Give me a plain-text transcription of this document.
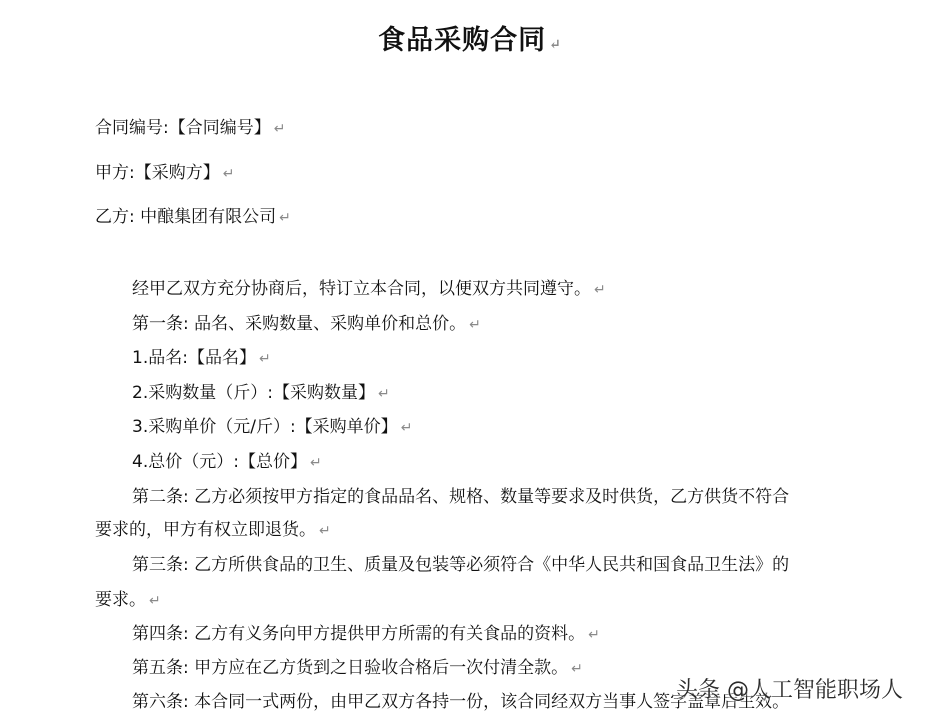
食品采购合同 ↵
合同编号:【合同编号】 ↵
甲方:【采购方】 ↵
乙方: 中酿集团有限公司 ↵
经甲乙双方充分协商后，特订立本合同，以便双方共同遵守。 ↵
第一条: 品名、采购数量、采购单价和总价。 ↵
1.品名:【品名】 ↵
2.采购数量（斤）:【采购数量】 ↵
3.采购单价（元/斤）:【采购单价】 ↵
4.总价（元）:【总价】 ↵
第二条: 乙方必须按甲方指定的食品品名、规格、数量等要求及时供货，乙方供货不符合
要求的，甲方有权立即退货。 ↵
第三条: 乙方所供食品的卫生、质量及包装等必须符合《中华人民共和国食品卫生法》的
要求。 ↵
第四条: 乙方有义务向甲方提供甲方所需的有关食品的资料。 ↵
第五条: 甲方应在乙方货到之日验收合格后一次付清全款。 ↵
第六条: 本合同一式两份，由甲乙双方各持一份，该合同经双方当事人签字盖章后生效。
头条 @人工智能职场人
